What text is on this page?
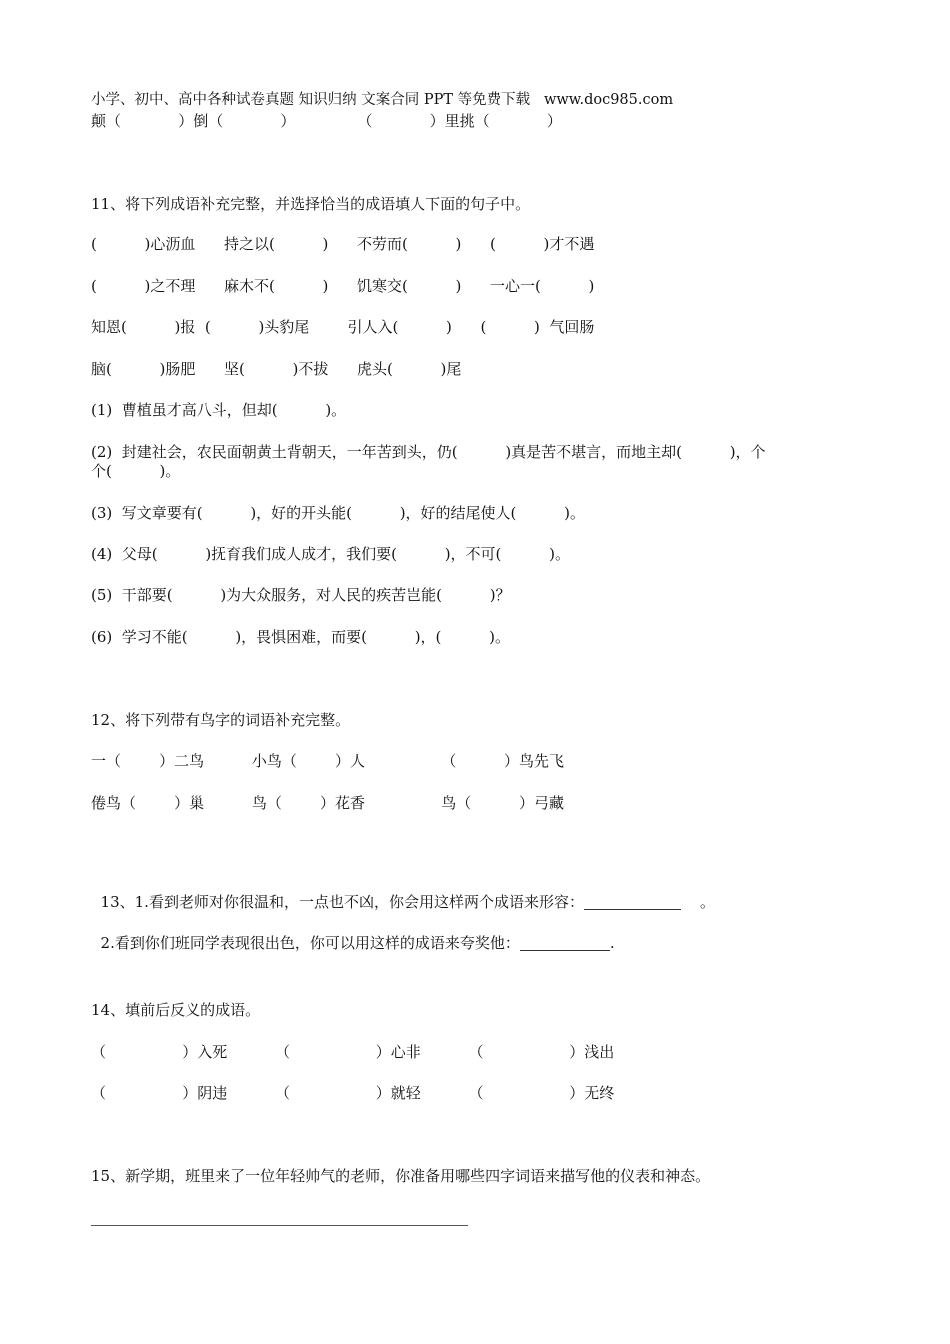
小学、初中、高中各种试卷真题 知识归纳 文案合同 PPT 等免费下载   www.doc985.com
颠（            ）倒（            ）             （            ）里挑（            ）
11、将下列成语补充完整，并选择恰当的成语填人下面的句子中。
(          )心沥血      持之以(          )      不劳而(          )      (          )才不遇
(          )之不理      麻木不(          )      饥寒交(          )      一心一(          )
知恩(          )报  (          )头豹尾        引人入(          )      (          )  气回肠
脑(          )肠肥      坚(          )不拔      虎头(          )尾
(1)  曹植虽才高八斗，但却(          )。
(2)  封建社会，农民面朝黄土背朝天，一年苦到头，仍(          )真是苦不堪言，而地主却(          )，个
个(          )。
(3)  写文章要有(          )，好的开头能(          )，好的结尾使人(          )。
(4)  父母(          )抚育我们成人成才，我们要(          )，不可(          )。
(5)  干部要(          )为大众服务，对人民的疾苦岂能(          )？
(6)  学习不能(          )，畏惧困难，而要(          )，(          )。
12、将下列带有鸟字的词语补充完整。
一（        ）二鸟          小鸟（        ）人                （          ）鸟先飞
倦鸟（        ）巢          鸟（        ）花香                鸟（          ）弓藏

13、1.看到老师对你很温和，一点也不凶，你会用这样两个成语来形容：	。

2.看到你们班同学表现很出色，你可以用这样的成语来夸奖他：	.

14、填前后反义的成语。
（                ）入死          （                  ）心非          （                  ）浅出
（                ）阴违          （                  ）就轻          （                  ）无终
15、新学期，班里来了一位年轻帅气的老师，你准备用哪些四字词语来描写他的仪表和神态。
